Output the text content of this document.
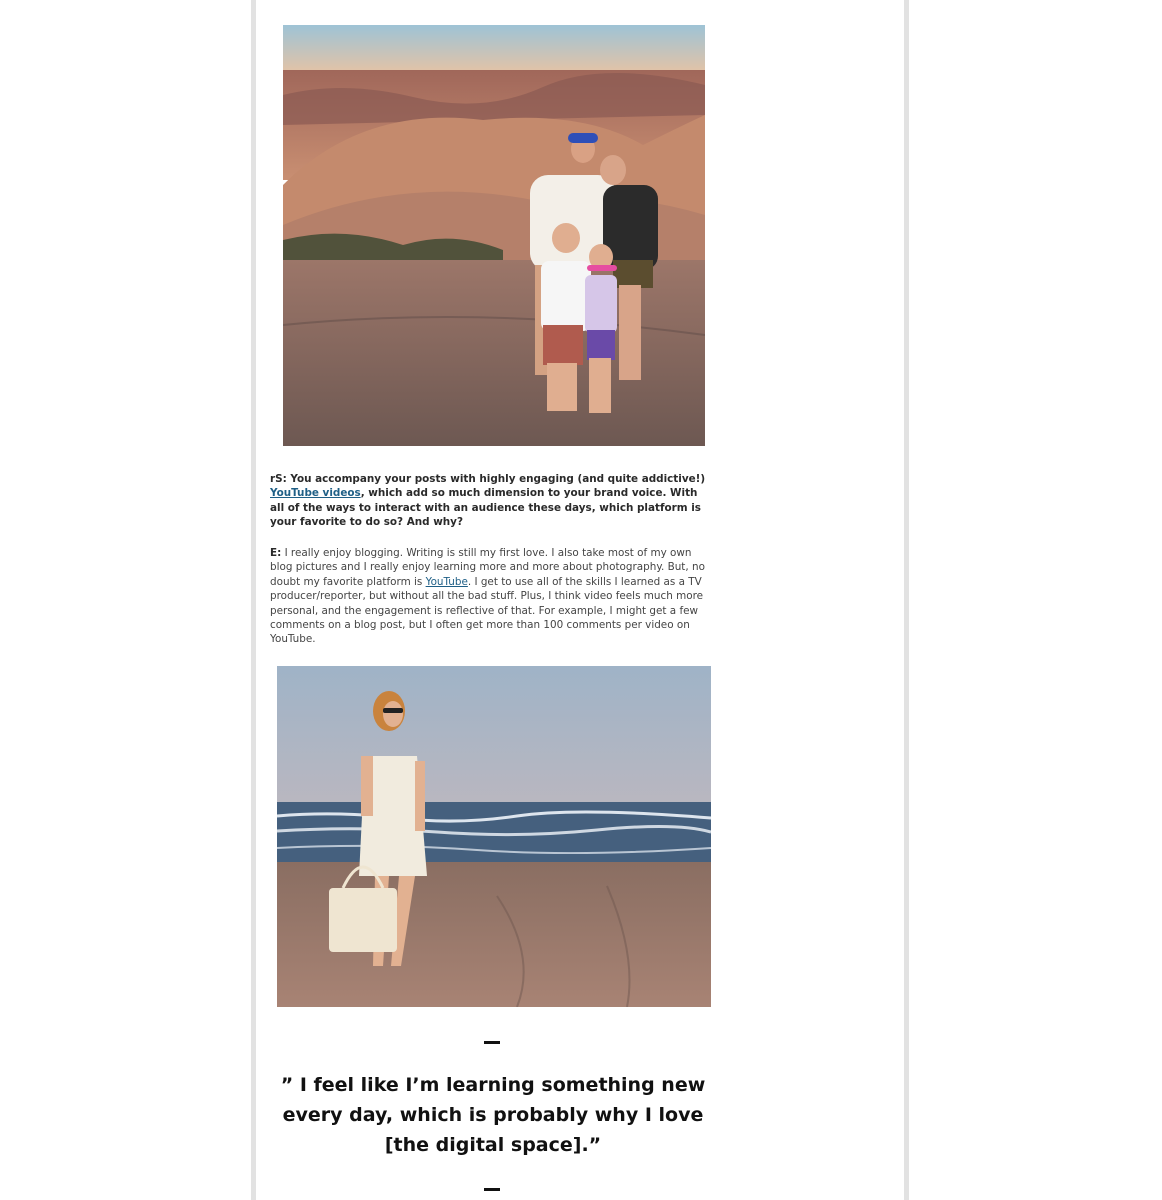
rS: You accompany your posts with highly engaging (and quite addictive!) YouTube videos, which add so much dimension to your brand voice. With all of the ways to interact with an audience these days, which platform is your favorite to do so? And why?

E: I really enjoy blogging. Writing is still my first love. I also take most of my own blog pictures and I really enjoy learning more and more about photography. But, no doubt my favorite platform is YouTube. I get to use all of the skills I learned as a TV producer/reporter, but without all the bad stuff. Plus, I think video feels much more personal, and the engagement is reflective of that. For example, I might get a few comments on a blog post, but I often get more than 100 comments per video on YouTube.

” I feel like I’m learning something new every day, which is probably why I love [the digital space].”
